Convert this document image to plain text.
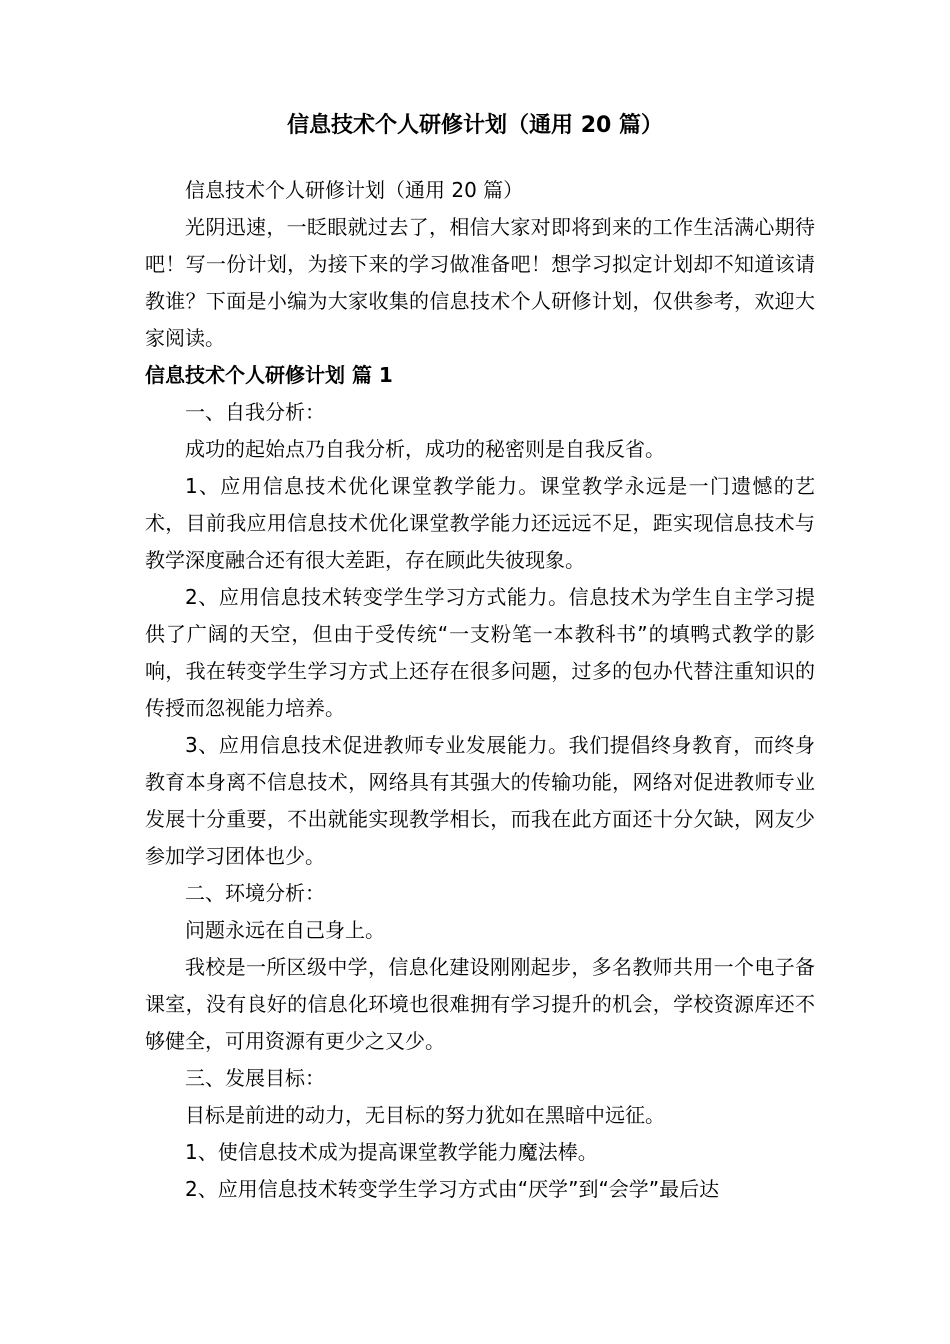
信息技术个人研修计划（通用 20 篇）

信息技术个人研修计划（通用 20 篇）

光阴迅速，一眨眼就过去了，相信大家对即将到来的工作生活满心期待吧！写一份计划，为接下来的学习做准备吧！想学习拟定计划却不知道该请教谁？下面是小编为大家收集的信息技术个人研修计划，仅供参考，欢迎大家阅读。

信息技术个人研修计划 篇 1

一、自我分析：

成功的起始点乃自我分析，成功的秘密则是自我反省。

1、应用信息技术优化课堂教学能力。课堂教学永远是一门遗憾的艺术，目前我应用信息技术优化课堂教学能力还远远不足，距实现信息技术与教学深度融合还有很大差距，存在顾此失彼现象。

2、应用信息技术转变学生学习方式能力。信息技术为学生自主学习提供了广阔的天空，但由于受传统“一支粉笔一本教科书”的填鸭式教学的影响，我在转变学生学习方式上还存在很多问题，过多的包办代替注重知识的传授而忽视能力培养。

3、应用信息技术促进教师专业发展能力。我们提倡终身教育，而终身教育本身离不信息技术，网络具有其强大的传输功能，网络对促进教师专业发展十分重要，不出就能实现教学相长，而我在此方面还十分欠缺，网友少参加学习团体也少。

二、环境分析：

问题永远在自己身上。

我校是一所区级中学，信息化建设刚刚起步，多名教师共用一个电子备课室，没有良好的信息化环境也很难拥有学习提升的机会，学校资源库还不够健全，可用资源有更少之又少。

三、发展目标：

目标是前进的动力，无目标的努力犹如在黑暗中远征。

1、使信息技术成为提高课堂教学能力魔法棒。

2、应用信息技术转变学生学习方式由“厌学”到“会学”最后达
